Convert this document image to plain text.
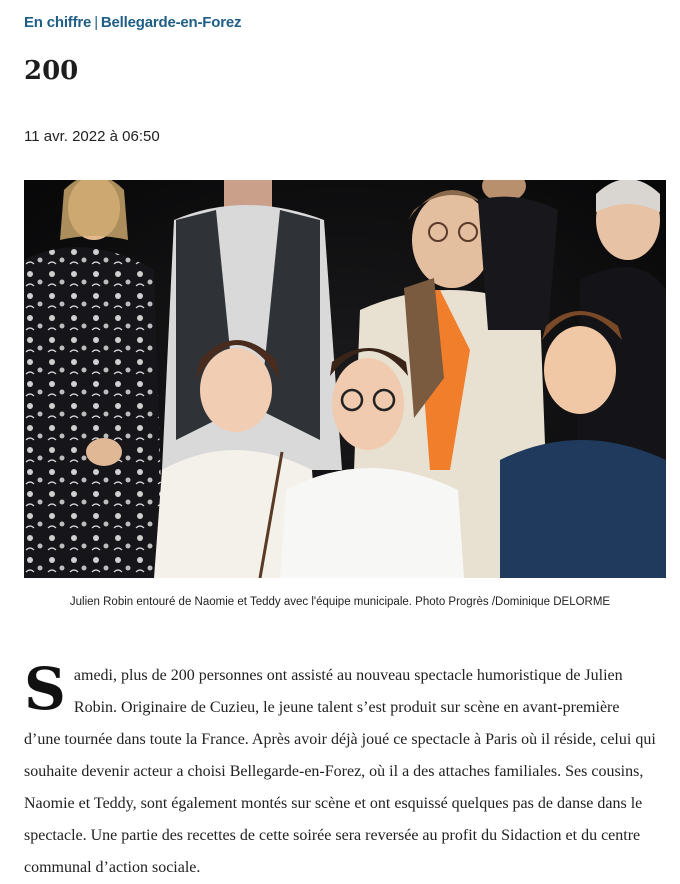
En chiffre | Bellegarde-en-Forez
200
11 avr. 2022 à 06:50
Julien Robin entouré de Naomie et Teddy avec l'équipe municipale. Photo Progrès /Dominique DELORME

Samedi, plus de 200 personnes ont assisté au nouveau spectacle humoristique de Julien Robin. Originaire de Cuzieu, le jeune talent s’est produit sur scène en avant-première d’une tournée dans toute la France. Après avoir déjà joué ce spectacle à Paris où il réside, celui qui souhaite devenir acteur a choisi Bellegarde-en-Forez, où il a des attaches familiales. Ses cousins, Naomie et Teddy, sont également montés sur scène et ont esquissé quelques pas de danse dans le spectacle. Une partie des recettes de cette soirée sera reversée au profit du Sidaction et du centre communal d’action sociale.
